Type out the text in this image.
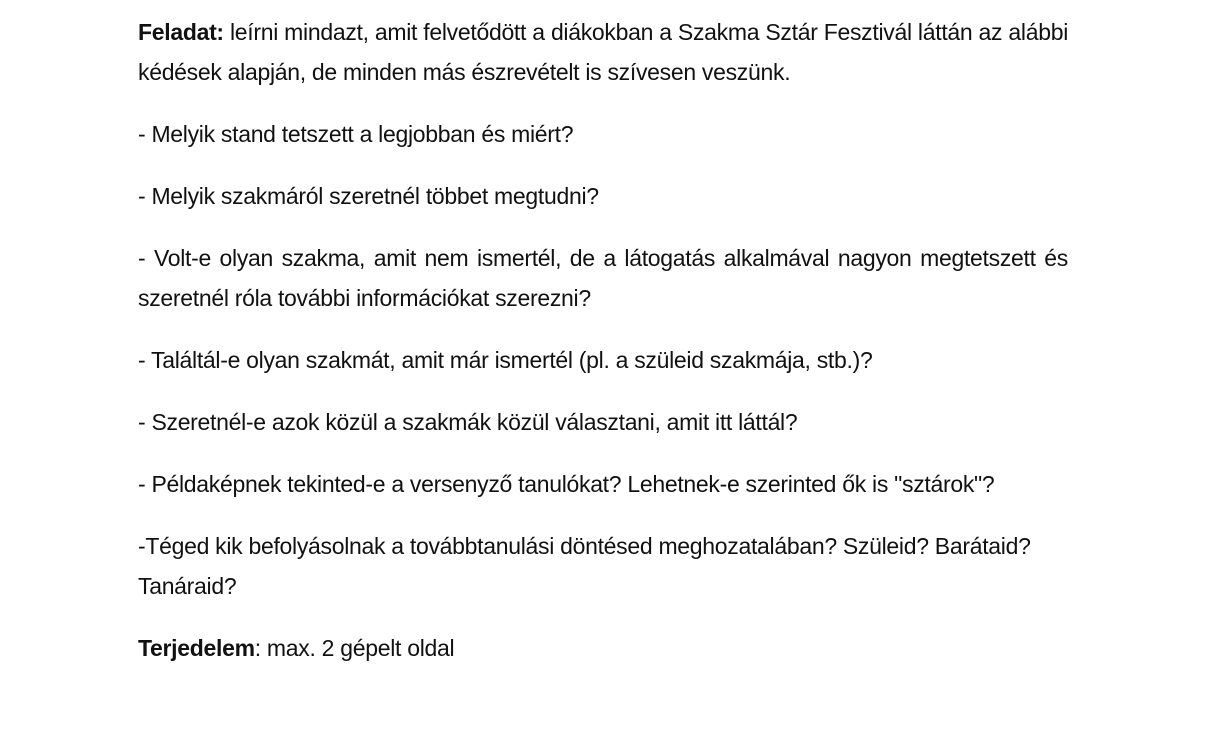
Feladat: leírni mindazt, amit felvetődött a diákokban a Szakma Sztár Fesztivál láttán az alábbi kédések alapján, de minden más észrevételt is szívesen veszünk.

- Melyik stand tetszett a legjobban és miért?

- Melyik szakmáról szeretnél többet megtudni?

- Volt-e olyan szakma, amit nem ismertél, de a látogatás alkalmával nagyon megtetszett és szeretnél róla további információkat szerezni?

- Találtál-e olyan szakmát, amit már ismertél (pl. a szüleid szakmája, stb.)?

- Szeretnél-e azok közül a szakmák közül választani, amit itt láttál?

- Példaképnek tekinted-e a versenyző tanulókat? Lehetnek-e szerinted ők is "sztárok"?

-Téged kik befolyásolnak a továbbtanulási döntésed meghozatalában? Szüleid? Barátaid? Tanáraid?

Terjedelem: max. 2 gépelt oldal
